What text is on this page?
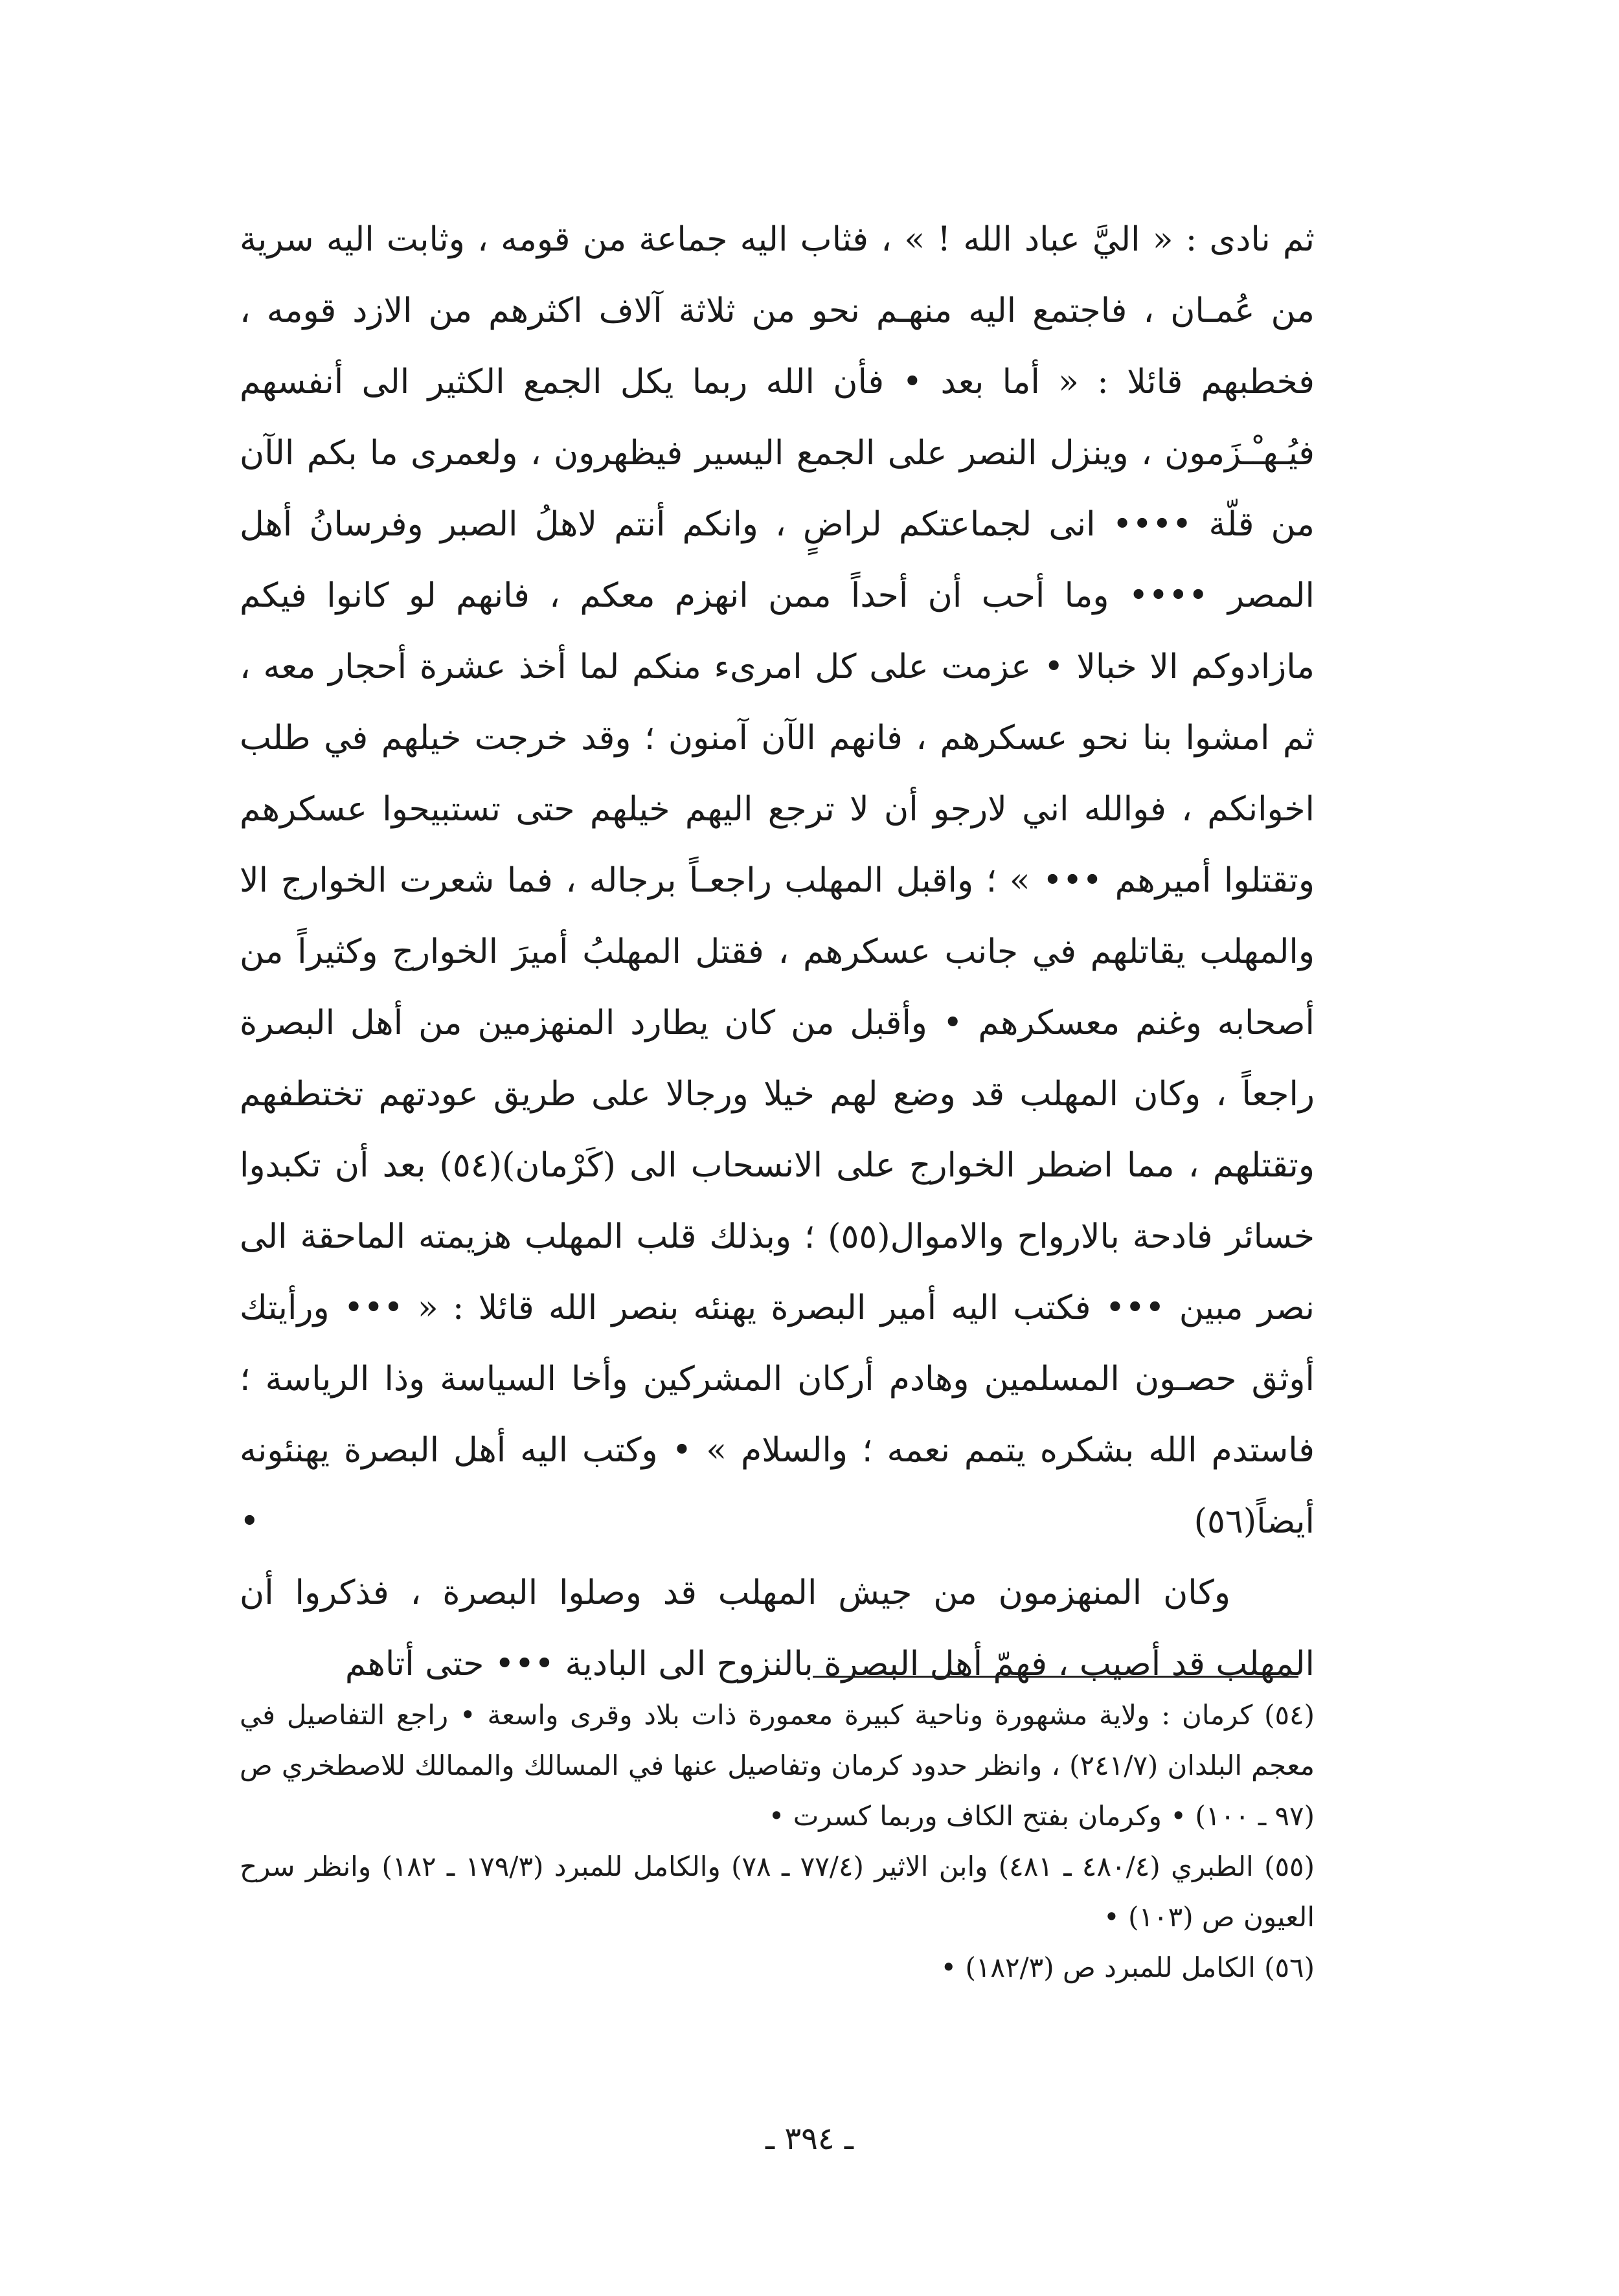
ثم نادى : « اليَّ عباد الله ! » ، فثاب اليه جماعة من قومه ، وثابت اليه سرية من عُمـان ، فاجتمع اليه منهـم نحو من ثلاثة آلاف اكثرهم من الازد قومه ، فخطبهم قائلا : « أما بعد • فأن الله ربما يكل الجمع الكثير الى أنفسهم فيُـهـْـزَمون ، وينزل النصر على الجمع اليسير فيظهرون ، ولعمرى ما بكم الآن من قلّة •••• انى لجماعتكم لراضٍ ، وانكم أنتم لاهلُ الصبر وفرسانُ أهل المصر •••• وما أحب أن أحداً ممن انهزم معكم ، فانهم لو كانوا فيكم مازادوكم الا خبالا • عزمت على كل امرىء منكم لما أخذ عشرة أحجار معه ، ثم امشوا بنا نحو عسكرهم ، فانهم الآن آمنون ؛ وقد خرجت خيلهم في طلب اخوانكم ، فوالله اني لارجو أن لا ترجع اليهم خيلهم حتى تستبيحوا عسكرهم وتقتلوا أميرهم ••• » ؛ واقبل المهلب راجعـاً برجاله ، فما شعرت الخوارج الا والمهلب يقاتلهم في جانب عسكرهم ، فقتل المهلبُ أميرَ الخوارج وكثيراً من أصحابه وغنم معسكرهم • وأقبل من كان يطارد المنهزمين من أهل البصرة راجعاً ، وكان المهلب قد وضع لهم خيلا ورجالا على طريق عودتهم تختطفهم وتقتلهم ، مما اضطر الخوارج على الانسحاب الى (كَرْمان)(٥٤) بعد أن تكبدوا خسائر فادحة بالارواح والاموال(٥٥) ؛ وبذلك قلب المهلب هزيمته الماحقة الى نصر مبين ••• فكتب اليه أمير البصرة يهنئه بنصر الله قائلا : « ••• ورأيتك أوثق حصـون المسلمين وهادم أركان المشركين وأخا السياسة وذا الرياسة ؛ فاستدم الله بشكره يتمم نعمه ؛ والسلام » • وكتب اليه أهل البصرة يهنئونه أيضاً(٥٦) •

وكان المنهزمون من جيش المهلب قد وصلوا البصرة ، فذكروا أن المهلب قد أصيب ، فهمّ أهل البصرة بالنزوح الى البادية ••• حتى أتاهم

(٥٤) كرمان : ولاية مشهورة وناحية كبيرة معمورة ذات بلاد وقرى واسعة • راجع التفاصيل في معجم البلدان (٢٤١/٧) ، وانظر حدود كرمان وتفاصيل عنها في المسالك والممالك للاصطخري ص (٩٧ ـ ١٠٠) • وكرمان بفتح الكاف وربما كسرت •

(٥٥) الطبري (٤٨٠/٤ ـ ٤٨١) وابن الاثير (٧٧/٤ ـ ٧٨) والكامل للمبرد (١٧٩/٣ ـ ١٨٢) وانظر سرح العيون ص (١٠٣) •

(٥٦) الكامل للمبرد ص (١٨٢/٣) •

ـ ٣٩٤ ـ
